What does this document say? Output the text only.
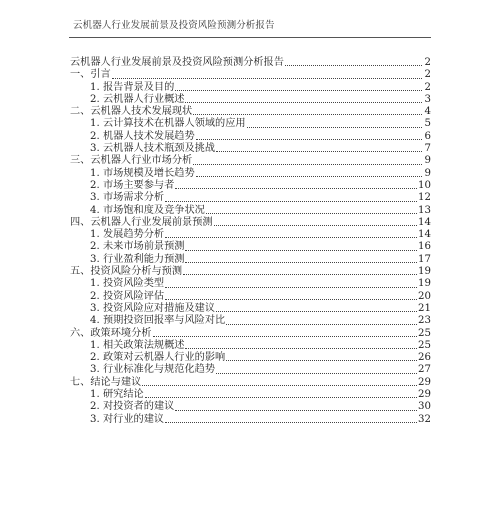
云机器人行业发展前景及投资风险预测分析报告
云机器人行业发展前景及投资风险预测分析报告	2
一、引言	2
1. 报告背景及目的	2
2. 云机器人行业概述	3
二、云机器人技术发展现状	4
1. 云计算技术在机器人领域的应用	5
2. 机器人技术发展趋势	6
3. 云机器人技术瓶颈及挑战	7
三、云机器人行业市场分析	9
1. 市场规模及增长趋势	9
2. 市场主要参与者	10
3. 市场需求分析	12
4. 市场饱和度及竞争状况	13
四、云机器人行业发展前景预测	14
1. 发展趋势分析	14
2. 未来市场前景预测	16
3. 行业盈利能力预测	17
五、投资风险分析与预测	19
1. 投资风险类型	19
2. 投资风险评估	20
3. 投资风险应对措施及建议	21
4. 预期投资回报率与风险对比	23
六、政策环境分析	25
1. 相关政策法规概述	25
2. 政策对云机器人行业的影响	26
3. 行业标准化与规范化趋势	27
七、结论与建议	29
1. 研究结论	29
2. 对投资者的建议	30
3. 对行业的建议	32
